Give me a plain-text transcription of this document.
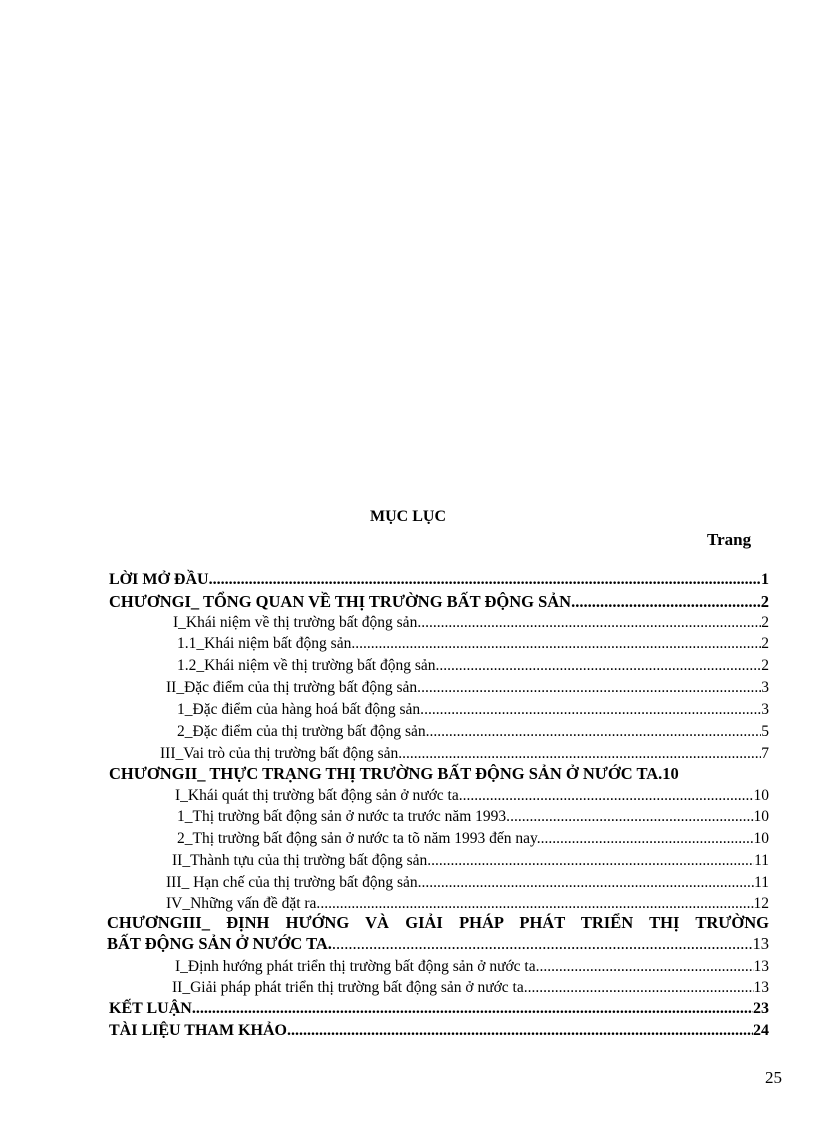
MỤC LỤC
Trang
LỜI MỞ ĐẦU .....	1
CHƯƠNGI_ TỔNG QUAN VỀ THỊ TRƯỜNG BẤT ĐỘNG SẢN .....	2
I_Khái niệm về thị trường bất động sản .....	2
1.1_Khái niệm bất động sản .....	2
1.2_Khái niệm về thị trường bất động sản .....	2
II_Đặc điểm của thị trường bất động sản. .....	3
1_Đặc điểm của hàng hoá bất động sản. .....	3
2_Đặc điểm của thị trường bất động sản. .....	5
III_Vai trò của thị trường bất động sản. .....	7
CHƯƠNGII_ THỰC TRẠNG THỊ TRƯỜNG BẤT ĐỘNG SẢN Ở NƯỚC TA. 10
I_Khái quát thị trường bất động sản ở nước ta. .....	10
1_Thị trường bất động sản ở nước ta trước năm 1993. .....	10
2_Thị trường bất động sản ở nước ta tõ năm 1993 đến nay. .....	10
II_Thành tựu của thị trường bất động sản. .....	11
III_ Hạn chế của thị trường bất động sản. .....	11
IV_Những vấn đề đặt ra. .....	12
CHƯƠNGIII_ ĐỊNH HƯỚNG VÀ GIẢI PHÁP PHÁT TRIỂN THỊ TRƯỜNG
BẤT ĐỘNG SẢN Ở NƯỚC TA. .....	13
I_Định hướng phát triển thị trường bất động sản ở nước ta. .....	13
II_Giải pháp phát triển thị trường bất động sản ở nước ta. .....	13
KẾT LUẬN .....	23
TÀI LIỆU THAM KHẢO .....	24
25
